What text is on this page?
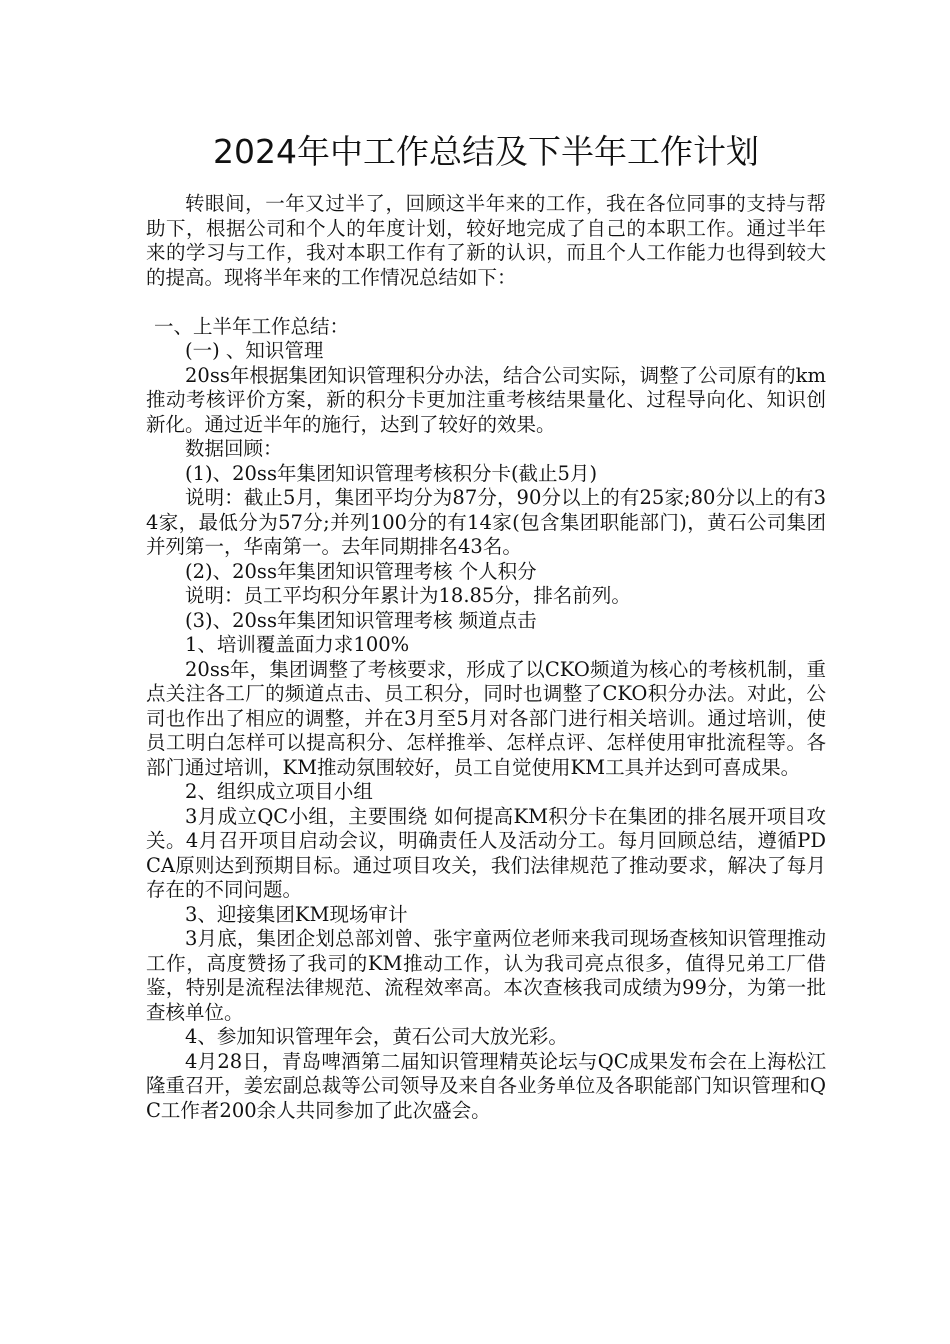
2024年中工作总结及下半年工作计划

转眼间，一年又过半了，回顾这半年来的工作，我在各位同事的支持与帮助下，根据公司和个人的年度计划，较好地完成了自己的本职工作。通过半年来的学习与工作，我对本职工作有了新的认识，而且个人工作能力也得到较大的提高。现将半年来的工作情况总结如下：

一、上半年工作总结：

(一) 、知识管理

20ss年根据集团知识管理积分办法，结合公司实际，调整了公司原有的km推动考核评价方案，新的积分卡更加注重考核结果量化、过程导向化、知识创新化。通过近半年的施行，达到了较好的效果。

数据回顾：

(1)、20ss年集团知识管理考核积分卡(截止5月)

说明：截止5月，集团平均分为87分，90分以上的有25家;80分以上的有34家，最低分为57分;并列100分的有14家(包含集团职能部门)，黄石公司集团并列第一，华南第一。去年同期排名43名。

(2)、20ss年集团知识管理考核 个人积分

说明：员工平均积分年累计为18.85分，排名前列。

(3)、20ss年集团知识管理考核 频道点击

1、培训覆盖面力求100%

20ss年，集团调整了考核要求，形成了以CKO频道为核心的考核机制，重点关注各工厂的频道点击、员工积分，同时也调整了CKO积分办法。对此，公司也作出了相应的调整，并在3月至5月对各部门进行相关培训。通过培训，使员工明白怎样可以提高积分、怎样推举、怎样点评、怎样使用审批流程等。各部门通过培训，KM推动氛围较好，员工自觉使用KM工具并达到可喜成果。

2、组织成立项目小组

3月成立QC小组，主要围绕 如何提高KM积分卡在集团的排名展开项目攻关。4月召开项目启动会议，明确责任人及活动分工。每月回顾总结，遵循PDCA原则达到预期目标。通过项目攻关，我们法律规范了推动要求，解决了每月存在的不同问题。

3、迎接集团KM现场审计

3月底，集团企划总部刘曾、张宇童两位老师来我司现场查核知识管理推动工作，高度赞扬了我司的KM推动工作，认为我司亮点很多，值得兄弟工厂借鉴，特别是流程法律规范、流程效率高。本次查核我司成绩为99分，为第一批查核单位。

4、参加知识管理年会，黄石公司大放光彩。

4月28日，青岛啤酒第二届知识管理精英论坛与QC成果发布会在上海松江隆重召开，姜宏副总裁等公司领导及来自各业务单位及各职能部门知识管理和QC工作者200余人共同参加了此次盛会。
